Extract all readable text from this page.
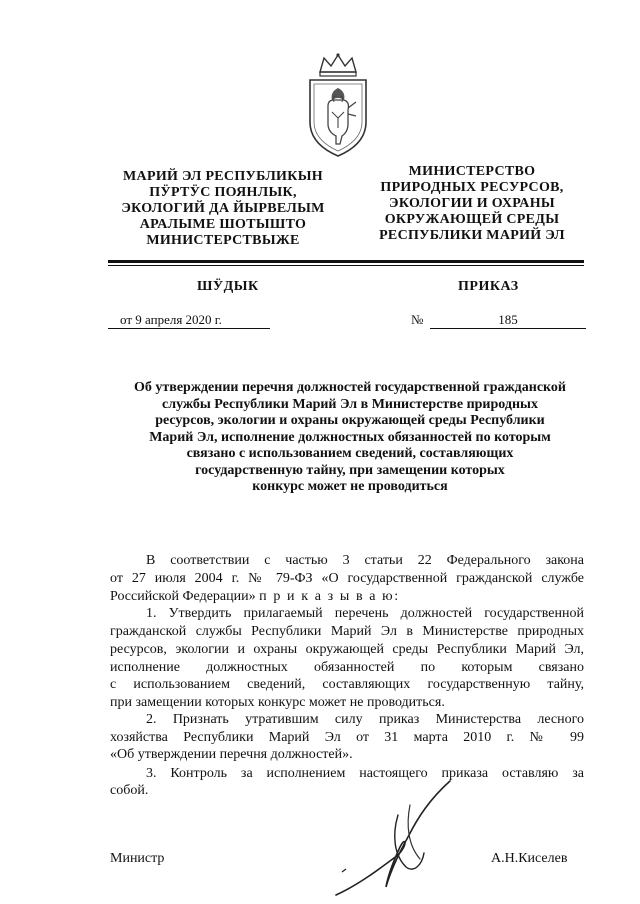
МАРИЙ ЭЛ РЕСПУБЛИКЫН
ПӰРТӰС ПОЯНЛЫК,
ЭКОЛОГИЙ ДА ЙЫРВЕЛЫМ
АРАЛЫМЕ ШОТЫШТО
МИНИСТЕРСТВЫЖЕ
МИНИСТЕРСТВО
ПРИРОДНЫХ РЕСУРСОВ,
ЭКОЛОГИИ И ОХРАНЫ
ОКРУЖАЮЩЕЙ СРЕДЫ
РЕСПУБЛИКИ МАРИЙ ЭЛ
ШӰДЫК	ПРИКАЗ
от 9 апреля 2020 г.	№	185
Об утверждении перечня должностей государственной гражданской
службы Республики Марий Эл в Министерстве природных
ресурсов, экологии и охраны окружающей среды Республики
Марий Эл, исполнение должностных обязанностей по которым
связано с использованием сведений, составляющих
государственную тайну, при замещении которых
конкурс может не проводиться
В соответствии с частью 3 статьи 22 Федерального закона
от 27 июля 2004 г. № 79-ФЗ «О государственной гражданской службе
Российской Федерации» п р и к а з ы в а ю:
1. Утвердить прилагаемый перечень должностей государственной
гражданской службы Республики Марий Эл в Министерстве природных
ресурсов, экологии и охраны окружающей среды Республики Марий Эл,
исполнение должностных обязанностей по которым связано
с использованием сведений, составляющих государственную тайну,
при замещении которых конкурс может не проводиться.
2. Признать утратившим силу приказ Министерства лесного
хозяйства Республики Марий Эл от 31 марта 2010 г. № 99
«Об утверждении перечня должностей».
3. Контроль за исполнением настоящего приказа оставляю за
собой.
Министр	А.Н.Киселев
